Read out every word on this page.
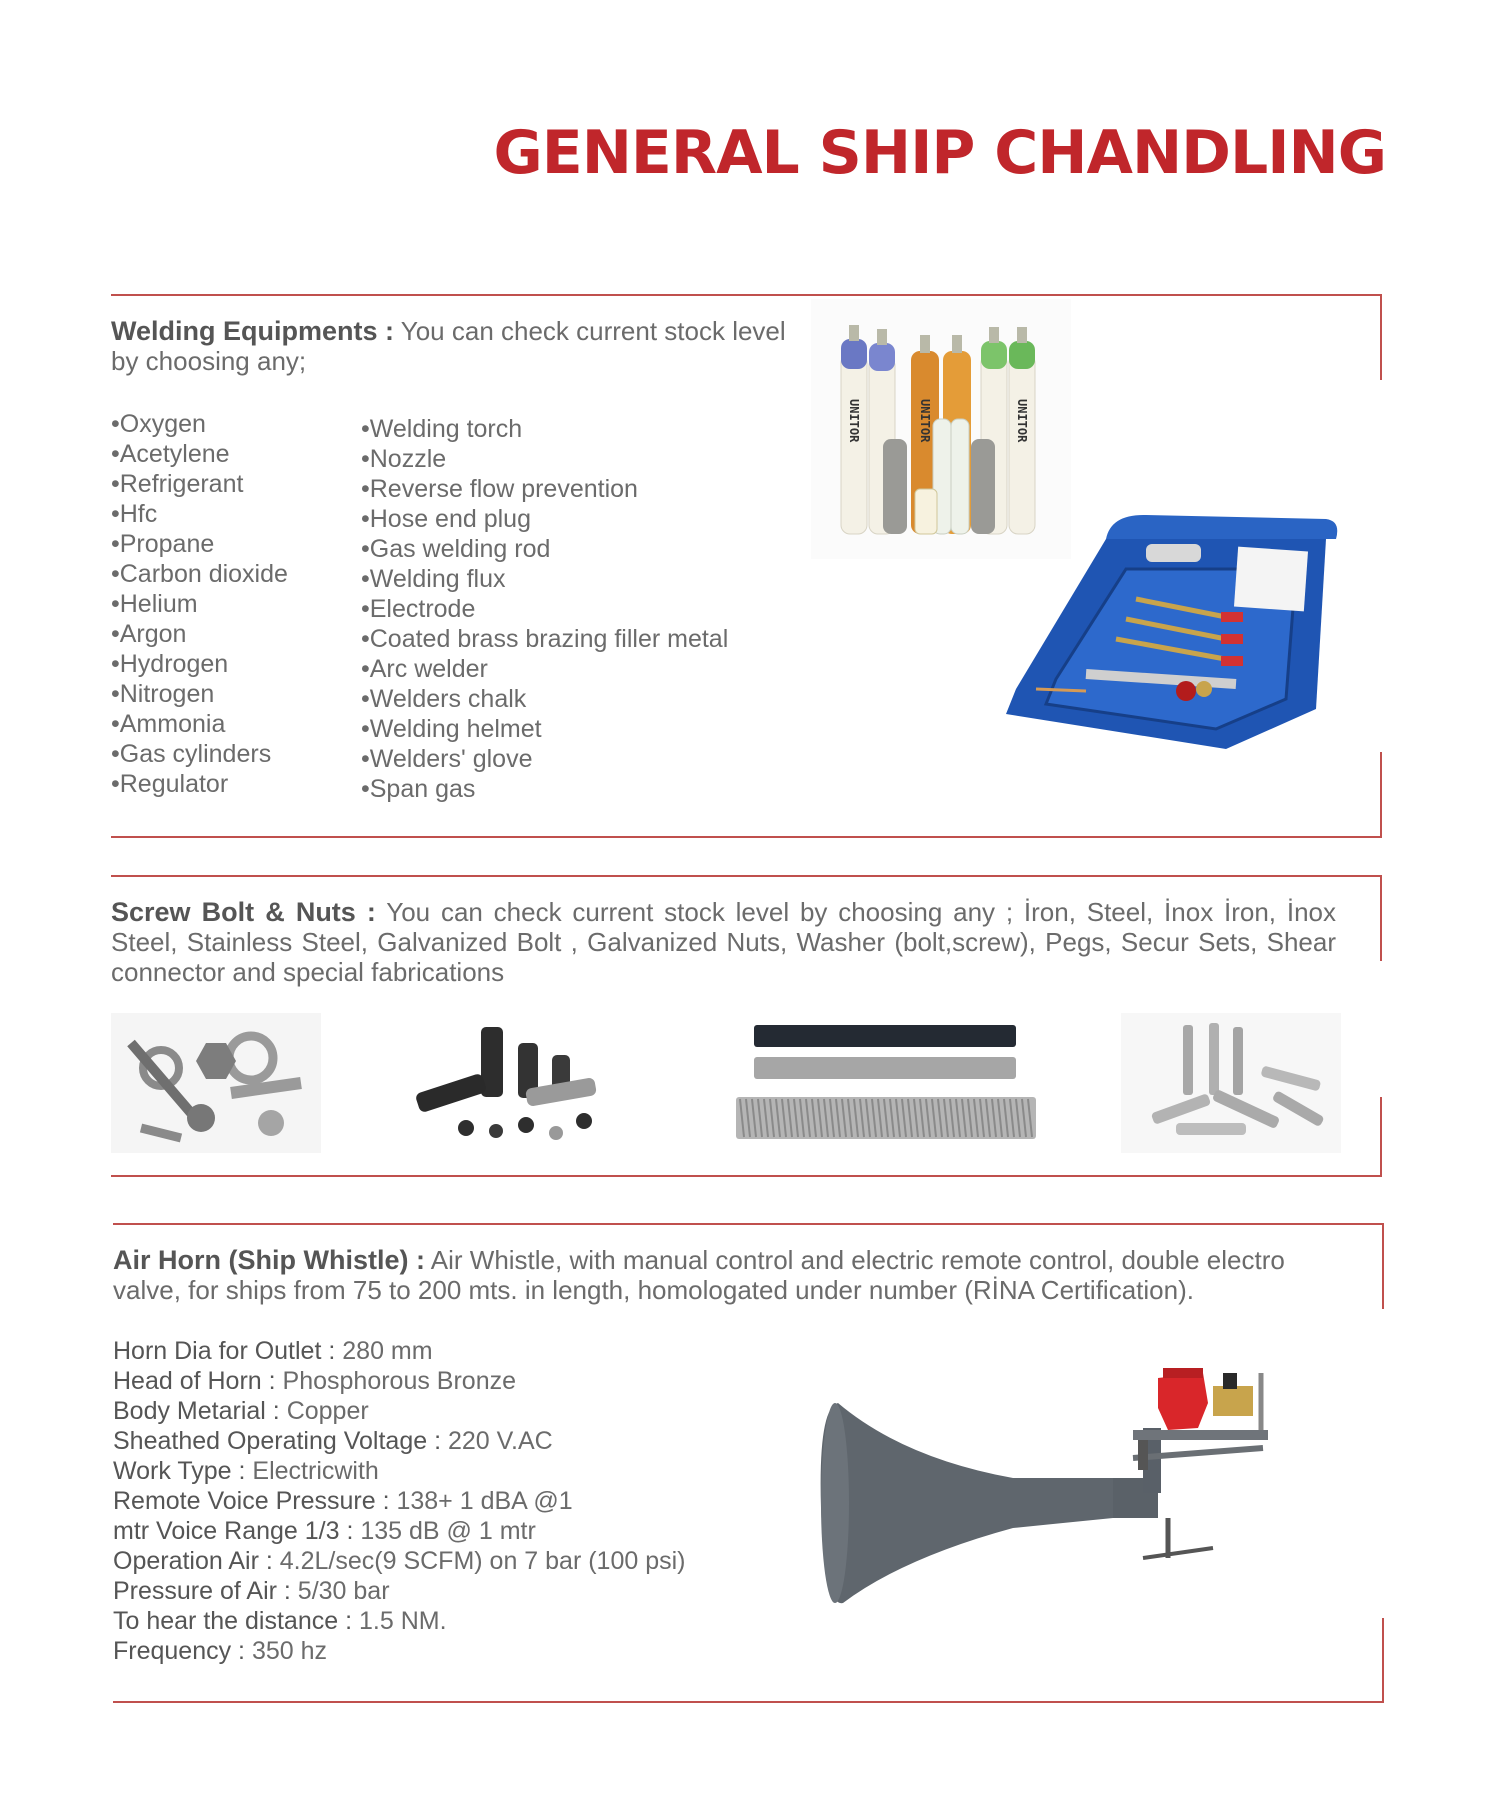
GENERAL SHIP CHANDLING

Welding Equipments : You can check current stock level by choosing any;

•Oxygen
•Acetylene
•Refrigerant
•Hfc
•Propane
•Carbon dioxide
•Helium
•Argon
•Hydrogen
•Nitrogen
•Ammonia
•Gas cylinders
•Regulator
•Welding torch
•Nozzle
•Reverse flow prevention
•Hose end plug
•Gas welding rod
•Welding flux
•Electrode
•Coated brass brazing filler metal
•Arc welder
•Welders chalk
•Welding helmet
•Welders' glove
•Span gas
UNITOR	UNITOR
UNITOR

Screw Bolt & Nuts : You can check current stock level by choosing any ; İron, Steel, İnox İron, İnox Steel, Stainless Steel, Galvanized Bolt , Galvanized Nuts, Washer (bolt,screw), Pegs, Secur Sets, Shear connector and special fabrications

Air Horn (Ship Whistle) : Air Whistle, with manual control and electric remote control, double electro valve, for ships from 75 to 200 mts. in length, homologated under number (RİNA Certification).

Horn Dia for Outlet : 280 mm
Head of Horn : Phosphorous Bronze
Body Metarial : Copper
Sheathed Operating Voltage : 220 V.AC
Work Type : Electricwith
Remote Voice Pressure : 138+ 1 dBA @1
mtr Voice Range 1/3 : 135 dB @ 1 mtr
Operation Air : 4.2L/sec(9 SCFM) on 7 bar (100 psi)
Pressure of Air : 5/30 bar
To hear the distance : 1.5 NM.
Frequency : 350 hz
